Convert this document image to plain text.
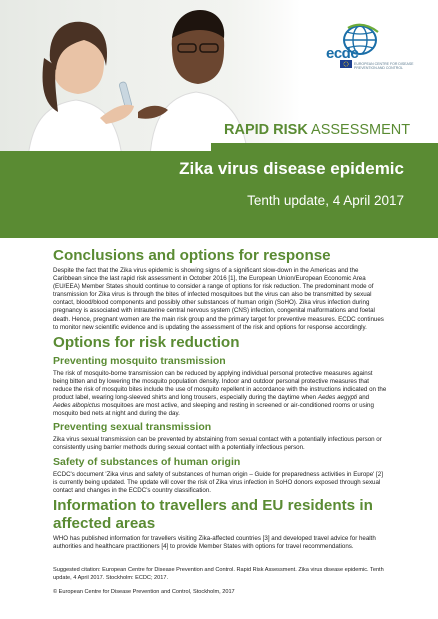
ecdc
EUROPEAN CENTRE FOR DISEASE PREVENTION AND CONTROL
RAPID RISK ASSESSMENT
Zika virus disease epidemic
Tenth update, 4 April 2017
Conclusions and options for response

Despite the fact that the Zika virus epidemic is showing signs of a significant slow-down in the Americas and the Caribbean since the last rapid risk assessment in October 2016 [1], the European Union/European Economic Area (EU/EEA) Member States should continue to consider a range of options for risk reduction. The predominant mode of transmission for Zika virus is through the bites of infected mosquitoes but the virus can also be transmitted by sexual contact, blood/blood components and possibly other substances of human origin (SoHO). Zika virus infection during pregnancy is associated with intrauterine central nervous system (CNS) infection, congenital malformations and foetal death. Hence, pregnant women are the main risk group and the primary target for preventive measures. ECDC continues to monitor new scientific evidence and is updating the assessment of the risk and options for response accordingly.

Options for risk reduction
Preventing mosquito transmission

The risk of mosquito-borne transmission can be reduced by applying individual personal protective measures against being bitten and by lowering the mosquito population density. Indoor and outdoor personal protective measures that reduce the risk of mosquito bites include the use of mosquito repellent in accordance with the instructions indicated on the product label, wearing long-sleeved shirts and long trousers, especially during the daytime when Aedes aegypti and Aedes albopictus mosquitoes are most active, and sleeping and resting in screened or air-conditioned rooms or using mosquito bed nets at night and during the day.

Preventing sexual transmission

Zika virus sexual transmission can be prevented by abstaining from sexual contact with a potentially infectious person or consistently using barrier methods during sexual contact with a potentially infectious person.

Safety of substances of human origin

ECDC's document 'Zika virus and safety of substances of human origin – Guide for preparedness activities in Europe' [2] is currently being updated. The update will cover the risk of Zika virus infection in SoHO donors exposed through sexual contact and changes in the ECDC's country classification.

Information to travellers and EU residents in affected areas

WHO has published information for travellers visiting Zika-affected countries [3] and developed travel advice for health authorities and healthcare practitioners [4] to provide Member States with options for travel recommendations.

Suggested citation: European Centre for Disease Prevention and Control. Rapid Risk Assessment. Zika virus disease epidemic. Tenth update, 4 April 2017. Stockholm: ECDC; 2017.

© European Centre for Disease Prevention and Control, Stockholm, 2017
